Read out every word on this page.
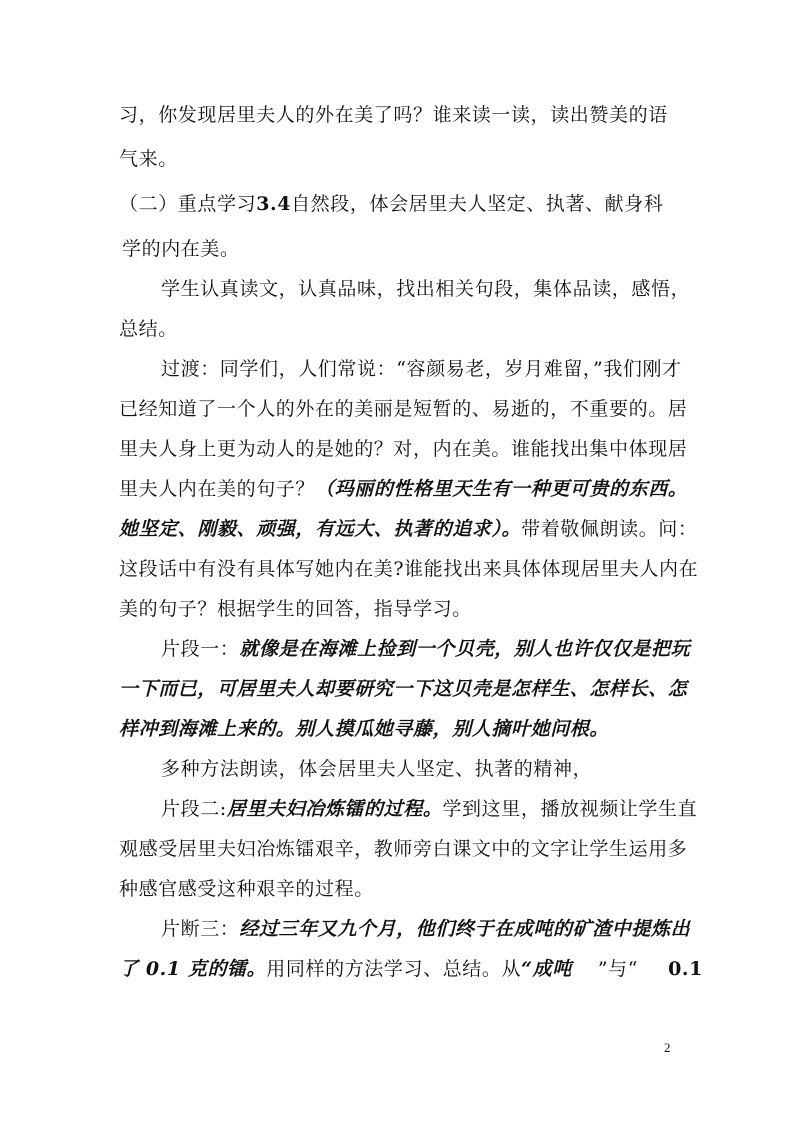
习，你发现居里夫人的外在美了吗？谁来读一读，读出赞美的语
气来。
（二）重点学习3.4自然段，体会居里夫人坚定、执著、献身科
学的内在美。
学生认真读文，认真品味，找出相关句段，集体品读，感悟，
总结。
过渡：同学们，人们常说：“容颜易老，岁月难留，”我们刚才
已经知道了一个人的外在的美丽是短暂的、易逝的，不重要的。居
里夫人身上更为动人的是她的？对，内在美。谁能找出集中体现居
里夫人内在美的句子？（玛丽的性格里天生有一种更可贵的东西。
她坚定、刚毅、顽强，有远大、执著的追求）。带着敬佩朗读。问：
这段话中有没有具体写她内在美?谁能找出来具体体现居里夫人内在
美的句子？根据学生的回答，指导学习。
片段一：就像是在海滩上捡到一个贝壳，别人也许仅仅是把玩
一下而已，可居里夫人却要研究一下这贝壳是怎样生、怎样长、怎
样冲到海滩上来的。别人摸瓜她寻藤，别人摘叶她问根。
多种方法朗读，体会居里夫人坚定、执著的精神，
片段二:居里夫妇冶炼镭的过程。学到这里，播放视频让学生直
观感受居里夫妇冶炼镭艰辛，教师旁白课文中的文字让学生运用多
种感官感受这种艰辛的过程。
片断三：经过三年又九个月，他们终于在成吨的矿渣中提炼出
了 0.1 克的镭。用同样的方法学习、总结。从“成吨 ”与“ 0.1
2
